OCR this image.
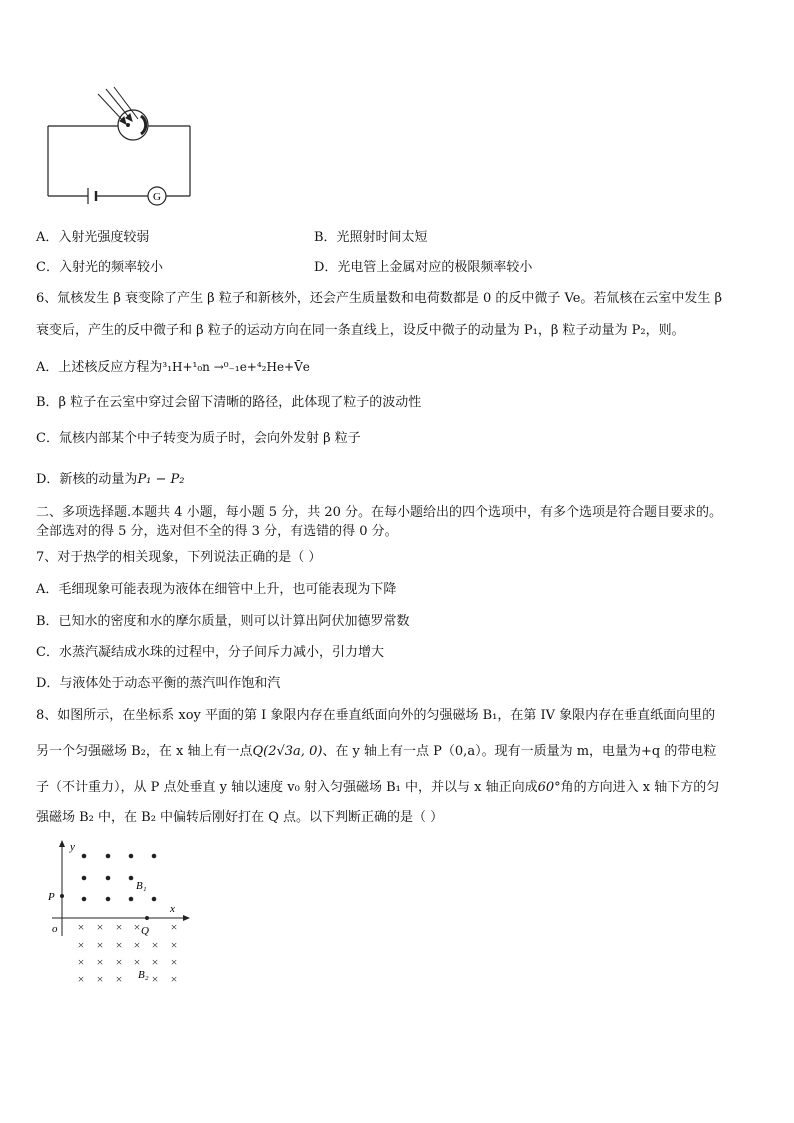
G
A．入射光强度较弱	B．光照射时间太短
C．入射光的频率较小	D．光电管上金属对应的极限频率较小
6、氚核发生 β 衰变除了产生 β 粒子和新核外，还会产生质量数和电荷数都是 0 的反中微子 Ve。若氚核在云室中发生 β
衰变后，产生的反中微子和 β 粒子的运动方向在同一条直线上，设反中微子的动量为 P₁，β 粒子动量为 P₂，则。
A．上述核反应方程为³₁H+¹₀n →⁰₋₁e+⁴₂He+V̄e
B．β 粒子在云室中穿过会留下清晰的路径，此体现了粒子的波动性
C．氚核内部某个中子转变为质子时，会向外发射 β 粒子
D．新核的动量为P₁ − P₂
二、多项选择题.本题共 4 小题，每小题 5 分，共 20 分。在每小题给出的四个选项中，有多个选项是符合题目要求的。
全部选对的得 5 分，选对但不全的得 3 分，有选错的得 0 分。
7、对于热学的相关现象，下列说法正确的是（ ）
A．毛细现象可能表现为液体在细管中上升，也可能表现为下降
B．已知水的密度和水的摩尔质量，则可以计算出阿伏加德罗常数
C．水蒸汽凝结成水珠的过程中，分子间斥力减小，引力增大
D．与液体处于动态平衡的蒸汽叫作饱和汽
8、如图所示，在坐标系 xoy 平面的第 I 象限内存在垂直纸面向外的匀强磁场 B₁，在第 IV 象限内存在垂直纸面向里的
另一个匀强磁场 B₂，在 x 轴上有一点Q(2√3a, 0)、在 y 轴上有一点 P（0,a）。现有一质量为 m，电量为+q 的带电粒
子（不计重力），从 P 点处垂直 y 轴以速度 v₀ 射入匀强磁场 B₁ 中，并以与 x 轴正向成60°角的方向进入 x 轴下方的匀
强磁场 B₂ 中，在 B₂ 中偏转后刚好打在 Q 点。以下判断正确的是（ ）
y
x
P
o × × × ×	×
× × × × × ×
× × × × × ×
× × × × ×
Q
B₁
B₂
